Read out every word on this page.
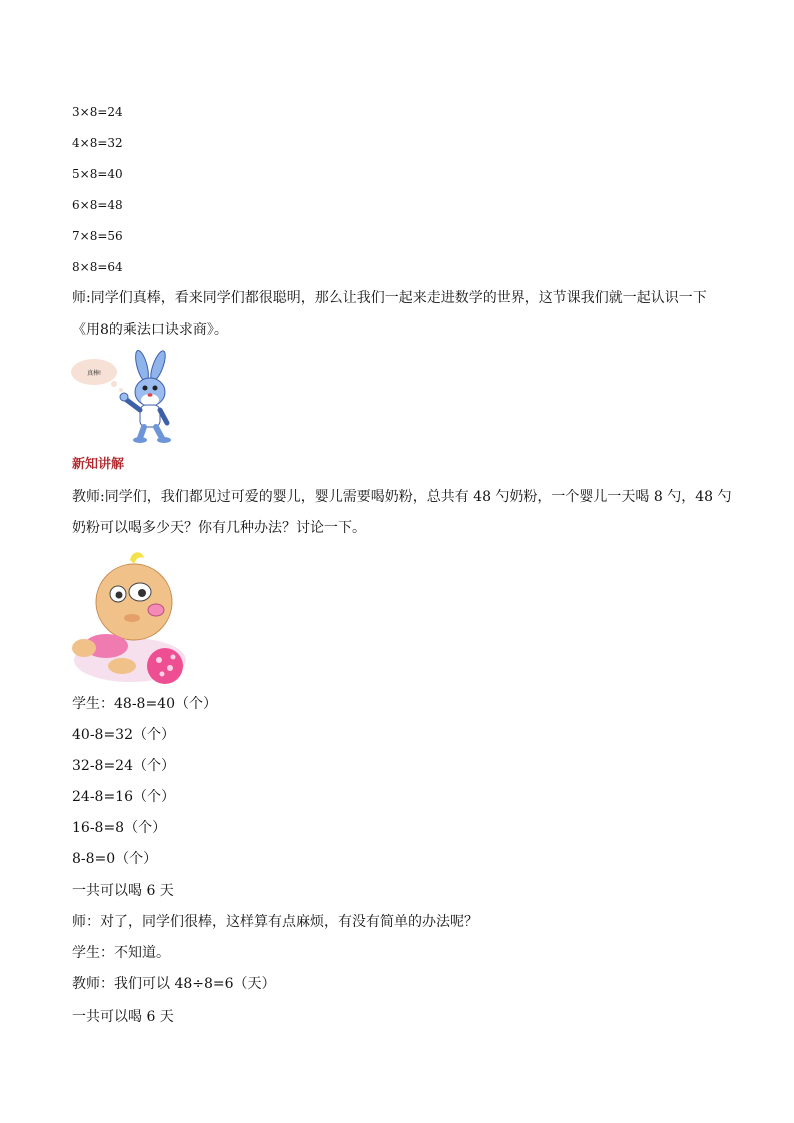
3×8=24
4×8=32
5×8=40
6×8=48
7×8=56
8×8=64
师:同学们真棒，看来同学们都很聪明，那么让我们一起来走进数学的世界，这节课我们就一起认识一下
《用8的乘法口诀求商》。
真棒!
新知讲解
教师:同学们，我们都见过可爱的婴儿，婴儿需要喝奶粉，总共有 48 勺奶粉，一个婴儿一天喝 8 勺，48 勺
奶粉可以喝多少天？你有几种办法？讨论一下。
学生：48-8=40（个）
40-8=32（个）
32-8=24（个）
24-8=16（个）
16-8=8（个）
8-8=0（个）
一共可以喝 6 天
师：对了，同学们很棒，这样算有点麻烦，有没有简单的办法呢？
学生：不知道。
教师：我们可以 48÷8=6（天）
一共可以喝 6 天
